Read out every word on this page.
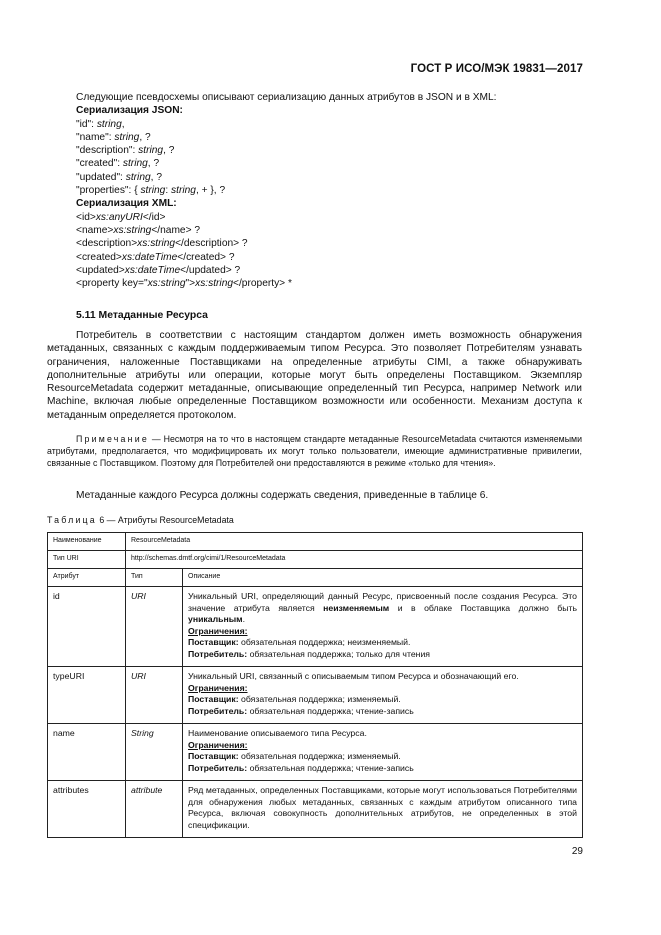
ГОСТ Р ИСО/МЭК 19831—2017
Следующие псевдосхемы описывают сериализацию данных атрибутов в JSON и в XML:
Сериализация JSON:
"id": string,
"name": string, ?
"description": string, ?
"created": string, ?
"updated": string, ?
"properties": { string: string, + }, ?
Сериализация XML:
<id>xs:anyURI</id>
<name>xs:string</name> ?
<description>xs:string</description> ?
<created>xs:dateTime</created> ?
<updated>xs:dateTime</updated> ?
<property key="xs:string">xs:string</property> *
5.11 Метаданные Ресурса
Потребитель в соответствии с настоящим стандартом должен иметь возможность обнаружения метаданных, связанных с каждым поддерживаемым типом Ресурса. Это позволяет Потребителям узнавать ограничения, наложенные Поставщиками на определенные атрибуты CIMI, а также обнаруживать дополнительные атрибуты или операции, которые могут быть определены Поставщиком. Экземпляр ResourceMetadata содержит метаданные, описывающие определенный тип Ресурса, например Network или Machine, включая любые определенные Поставщиком возможности или особенности. Механизм доступа к метаданным определяется протоколом.
Примечание — Несмотря на то что в настоящем стандарте метаданные ResourceMetadata считаются изменяемыми атрибутами, предполагается, что модифицировать их могут только пользователи, имеющие административные привилегии, связанные с Поставщиком. Поэтому для Потребителей они предоставляются в режиме «только для чтения».
Метаданные каждого Ресурса должны содержать сведения, приведенные в таблице 6.
Таблица 6 — Атрибуты ResourceMetadata
Наименование	ResourceMetadata	
Тип URI	http://schemas.dmtf.org/cimi/1/ResourceMetadata	
Атрибут	Тип	Описание
id	URI	Уникальный URI, определяющий данный Ресурс, присвоенный после создания Ресурса. Это значение атрибута является неизменяемым и в облаке Поставщика должно быть уникальным.
Ограничения:
Поставщик: обязательная поддержка; неизменяемый.
Потребитель: обязательная поддержка; только для чтения

typeURI	URI	Уникальный URI, связанный с описываемым типом Ресурса и обозначающий его.
Ограничения:
Поставщик: обязательная поддержка; изменяемый.
Потребитель: обязательная поддержка; чтение-запись

name	String	Наименование описываемого типа Ресурса.
Ограничения:
Поставщик: обязательная поддержка; изменяемый.
Потребитель: обязательная поддержка; чтение-запись

attributes	attribute	Ряд метаданных, определенных Поставщиками, которые могут использоваться Потребителями для обнаружения любых метаданных, связанных с каждым атрибутом описанного типа Ресурса, включая совокупность дополнительных атрибутов, не определенных в этой спецификации.
29
